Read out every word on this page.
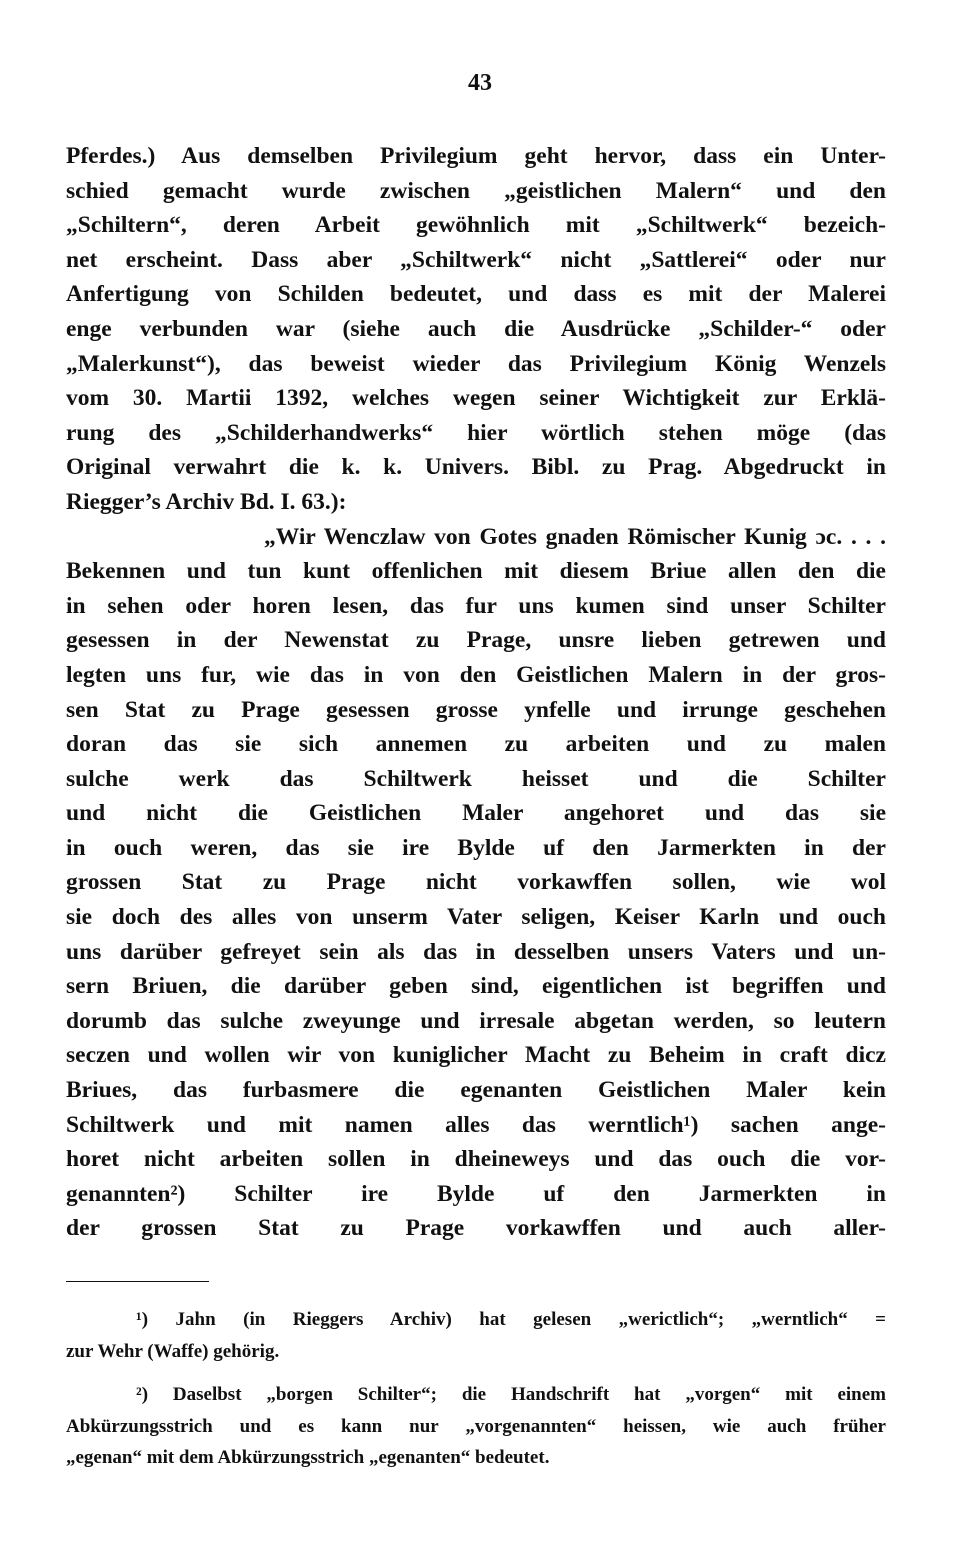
43
Pferdes.) Aus demselben Privilegium geht hervor, dass ein Unter-
schied gemacht wurde zwischen „geistlichen Malern“ und den
„Schiltern“, deren Arbeit gewöhnlich mit „Schiltwerk“ bezeich-
net erscheint. Dass aber „Schiltwerk“ nicht „Sattlerei“ oder nur
Anfertigung von Schilden bedeutet, und dass es mit der Malerei
enge verbunden war (siehe auch die Ausdrücke „Schilder-“ oder
„Malerkunst“), das beweist wieder das Privilegium König Wenzels
vom 30. Martii 1392, welches wegen seiner Wichtigkeit zur Erklä-
rung des „Schilderhandwerks“ hier wörtlich stehen möge (das
Original verwahrt die k. k. Univers. Bibl. zu Prag. Abgedruckt in
Riegger’s Archiv Bd. I. 63.):
„Wir Wenczlaw von Gotes gnaden Römischer Kunig ɔc. . . .
Bekennen und tun kunt offenlichen mit diesem Briue allen den die
in sehen oder horen lesen, das fur uns kumen sind unser Schilter
gesessen in der Newenstat zu Prage, unsre lieben getrewen und
legten uns fur, wie das in von den Geistlichen Malern in der gros-
sen Stat zu Prage gesessen grosse ynfelle und irrunge geschehen
doran das sie sich annemen zu arbeiten und zu malen
sulche werk das Schiltwerk heisset und die Schilter
und nicht die Geistlichen Maler angehoret und das sie
in ouch weren, das sie ire Bylde uf den Jarmerkten in der
grossen Stat zu Prage nicht vorkawffen sollen, wie wol
sie doch des alles von unserm Vater seligen, Keiser Karln und ouch
uns darüber gefreyet sein als das in desselben unsers Vaters und un-
sern Briuen, die darüber geben sind, eigentlichen ist begriffen und
dorumb das sulche zweyunge und irresale abgetan werden, so leutern
seczen und wollen wir von kuniglicher Macht zu Beheim in craft dicz
Briues, das furbasmere die egenanten Geistlichen Maler kein
Schiltwerk und mit namen alles das werntlich¹) sachen ange-
horet nicht arbeiten sollen in dheineweys und das ouch die vor-
genannten²) Schilter ire Bylde uf den Jarmerkten in
der grossen Stat zu Prage vorkawffen und auch aller-
¹) Jahn (in Rieggers Archiv) hat gelesen „werictlich“; „werntlich“ =
zur Wehr (Waffe) gehörig.
²) Daselbst „borgen Schilter“; die Handschrift hat „vorgen“ mit einem
Abkürzungsstrich und es kann nur „vorgenannten“ heissen, wie auch früher
„egenan“ mit dem Abkürzungsstrich „egenanten“ bedeutet.
